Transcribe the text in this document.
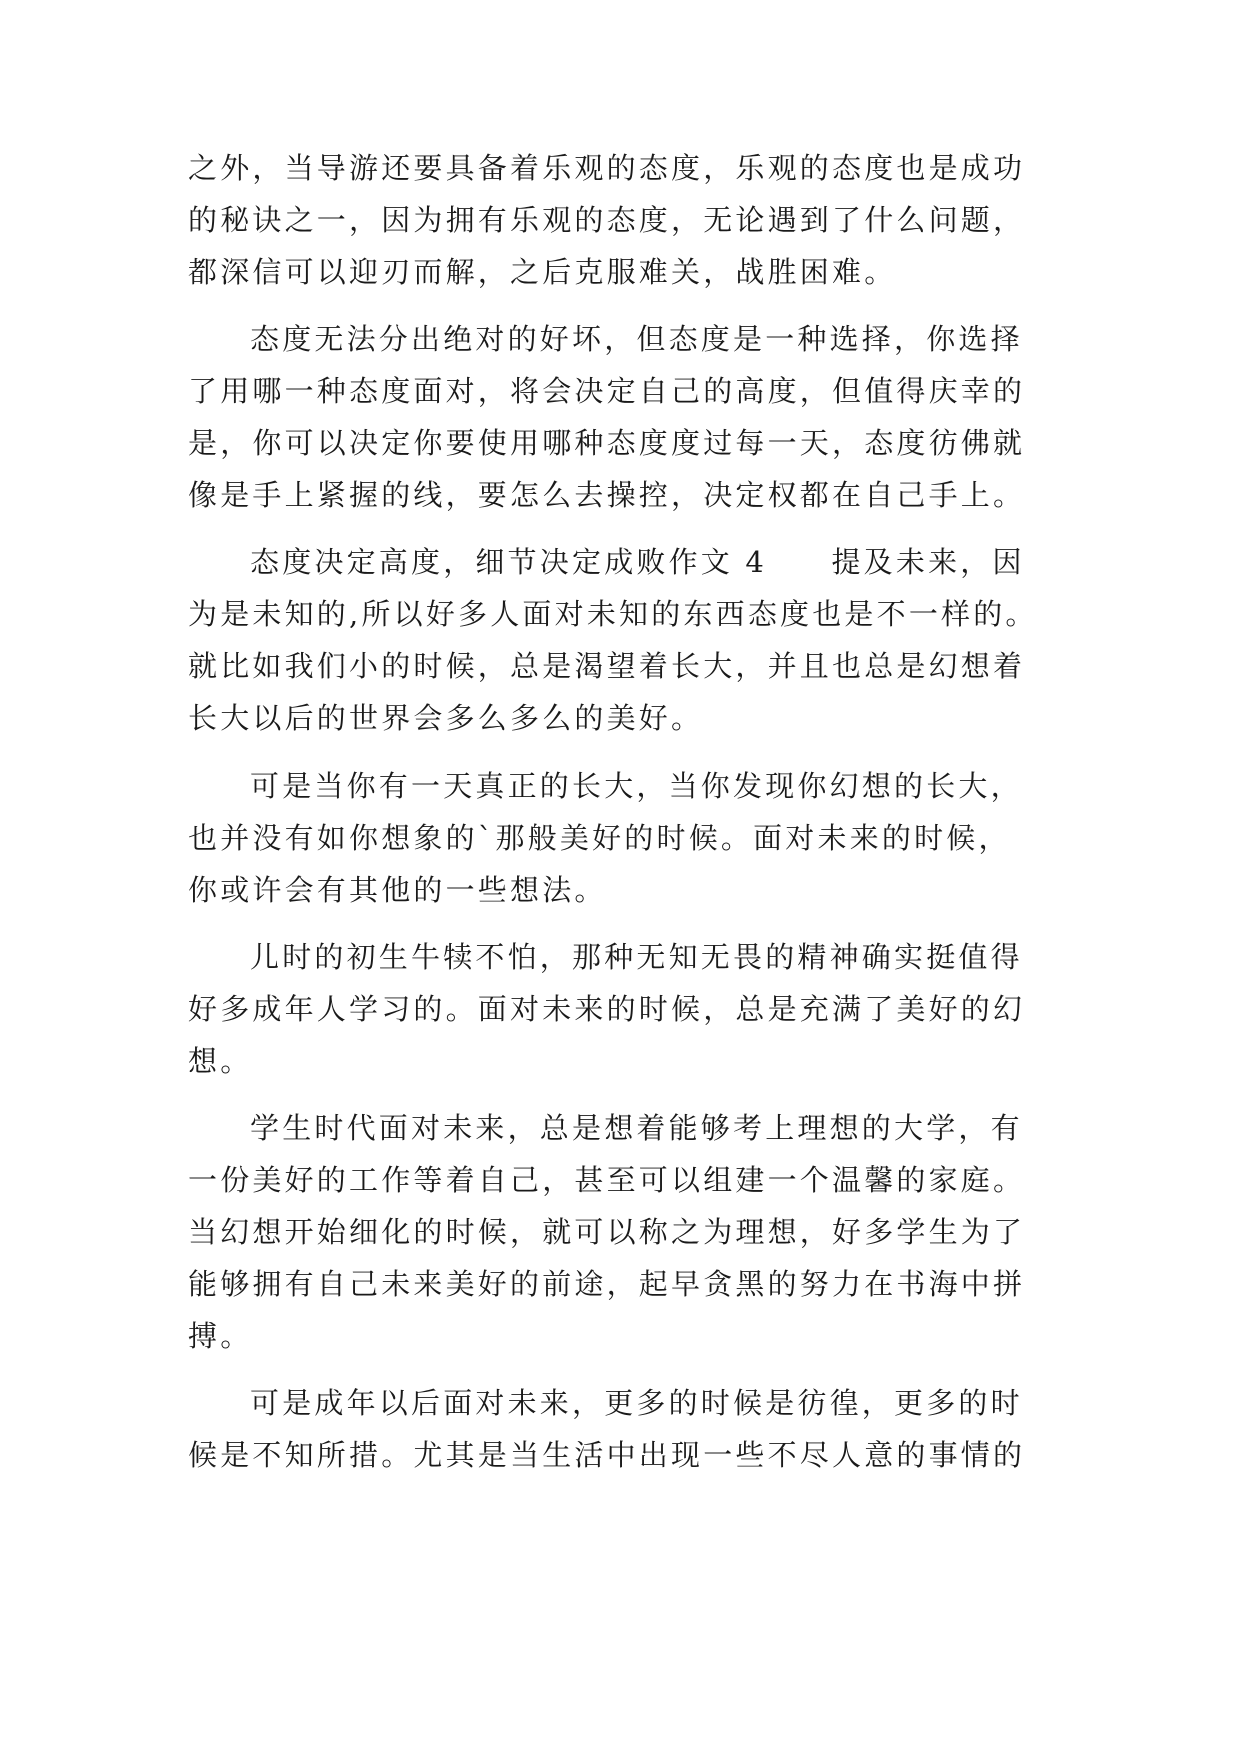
之外，当导游还要具备着乐观的态度，乐观的态度也是成功
的秘诀之一，因为拥有乐观的态度，无论遇到了什么问题，
都深信可以迎刃而解，之后克服难关，战胜困难。
态度无法分出绝对的好坏，但态度是一种选择，你选择
了用哪一种态度面对，将会决定自己的高度，但值得庆幸的
是，你可以决定你要使用哪种态度度过每一天，态度彷佛就
像是手上紧握的线，要怎么去操控，决定权都在自己手上。
态度决定高度，细节决定成败作文 4　　提及未来，因
为是未知的,所以好多人面对未知的东西态度也是不一样的。
就比如我们小的时候，总是渴望着长大，并且也总是幻想着
长大以后的世界会多么多么的美好。
可是当你有一天真正的长大，当你发现你幻想的长大，
也并没有如你想象的`那般美好的时候。面对未来的时候，
你或许会有其他的一些想法。
儿时的初生牛犊不怕，那种无知无畏的精神确实挺值得
好多成年人学习的。面对未来的时候，总是充满了美好的幻
想。
学生时代面对未来，总是想着能够考上理想的大学，有
一份美好的工作等着自己，甚至可以组建一个温馨的家庭。
当幻想开始细化的时候，就可以称之为理想，好多学生为了
能够拥有自己未来美好的前途，起早贪黑的努力在书海中拼
搏。
可是成年以后面对未来，更多的时候是彷徨，更多的时
候是不知所措。尤其是当生活中出现一些不尽人意的事情的
